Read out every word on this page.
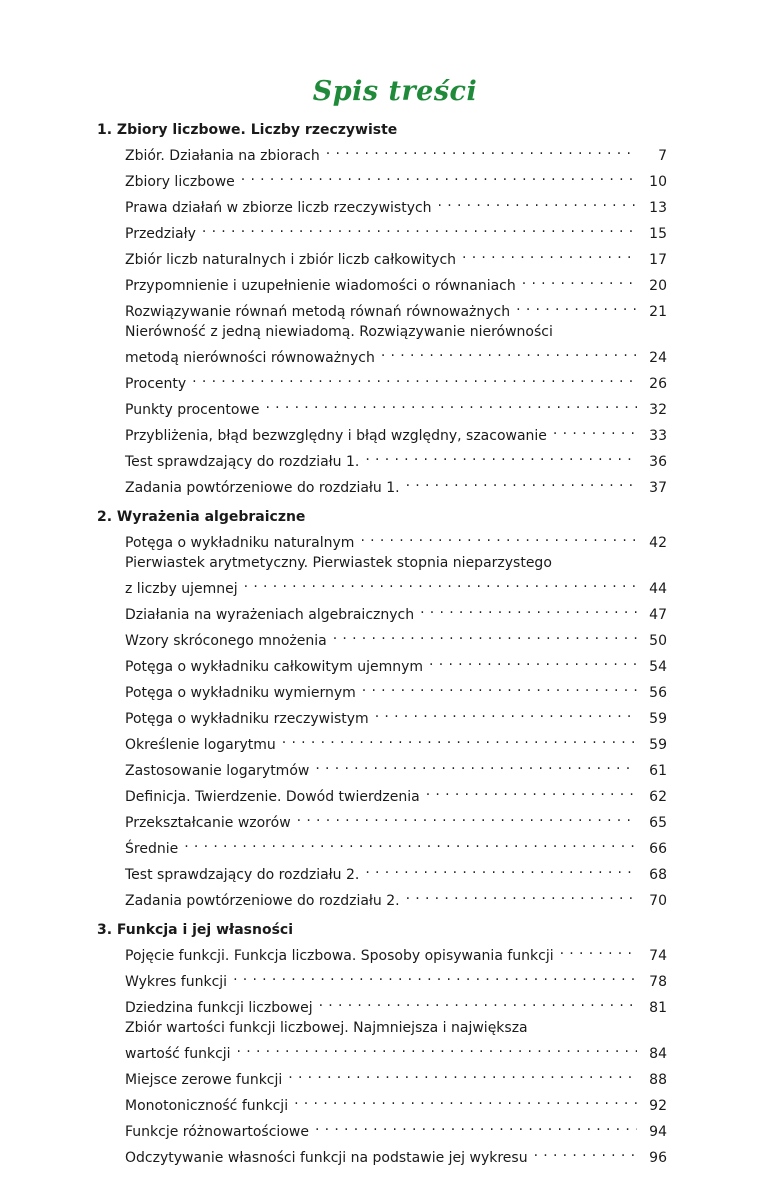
Spis treści
1. Zbiory liczbowe. Liczby rzeczywiste
Zbiór. Działania na zbiorach . . .	7
Zbiory liczbowe . . .	10
Prawa działań w zbiorze liczb rzeczywistych . . .	13
Przedziały . . .	15
Zbiór liczb naturalnych i zbiór liczb całkowitych . . .	17
Przypomnienie i uzupełnienie wiadomości o równaniach . . .	20
Rozwiązywanie równań metodą równań równoważnych . . .	21
Nierówność z jedną niewiadomą. Rozwiązywanie nierówności
metodą nierówności równoważnych . . .	24
Procenty . . .	26
Punkty procentowe . . .	32
Przybliżenia, błąd bezwzględny i błąd względny, szacowanie . . .	33
Test sprawdzający do rozdziału 1. . . .	36
Zadania powtórzeniowe do rozdziału 1. . . .	37
2. Wyrażenia algebraiczne
Potęga o wykładniku naturalnym . . .	42
Pierwiastek arytmetyczny. Pierwiastek stopnia nieparzystego
z liczby ujemnej . . .	44
Działania na wyrażeniach algebraicznych . . .	47
Wzory skróconego mnożenia . . .	50
Potęga o wykładniku całkowitym ujemnym . . .	54
Potęga o wykładniku wymiernym . . .	56
Potęga o wykładniku rzeczywistym . . .	59
Określenie logarytmu . . .	59
Zastosowanie logarytmów . . .	61
Definicja. Twierdzenie. Dowód twierdzenia . . .	62
Przekształcanie wzorów . . .	65
Średnie . . .	66
Test sprawdzający do rozdziału 2. . . .	68
Zadania powtórzeniowe do rozdziału 2. . . .	70
3. Funkcja i jej własności
Pojęcie funkcji. Funkcja liczbowa. Sposoby opisywania funkcji . . .	74
Wykres funkcji . . .	78
Dziedzina funkcji liczbowej . . .	81
Zbiór wartości funkcji liczbowej. Najmniejsza i największa
wartość funkcji . . .	84
Miejsce zerowe funkcji . . .	88
Monotoniczność funkcji . . .	92
Funkcje różnowartościowe . . .	94
Odczytywanie własności funkcji na podstawie jej wykresu . . .	96
